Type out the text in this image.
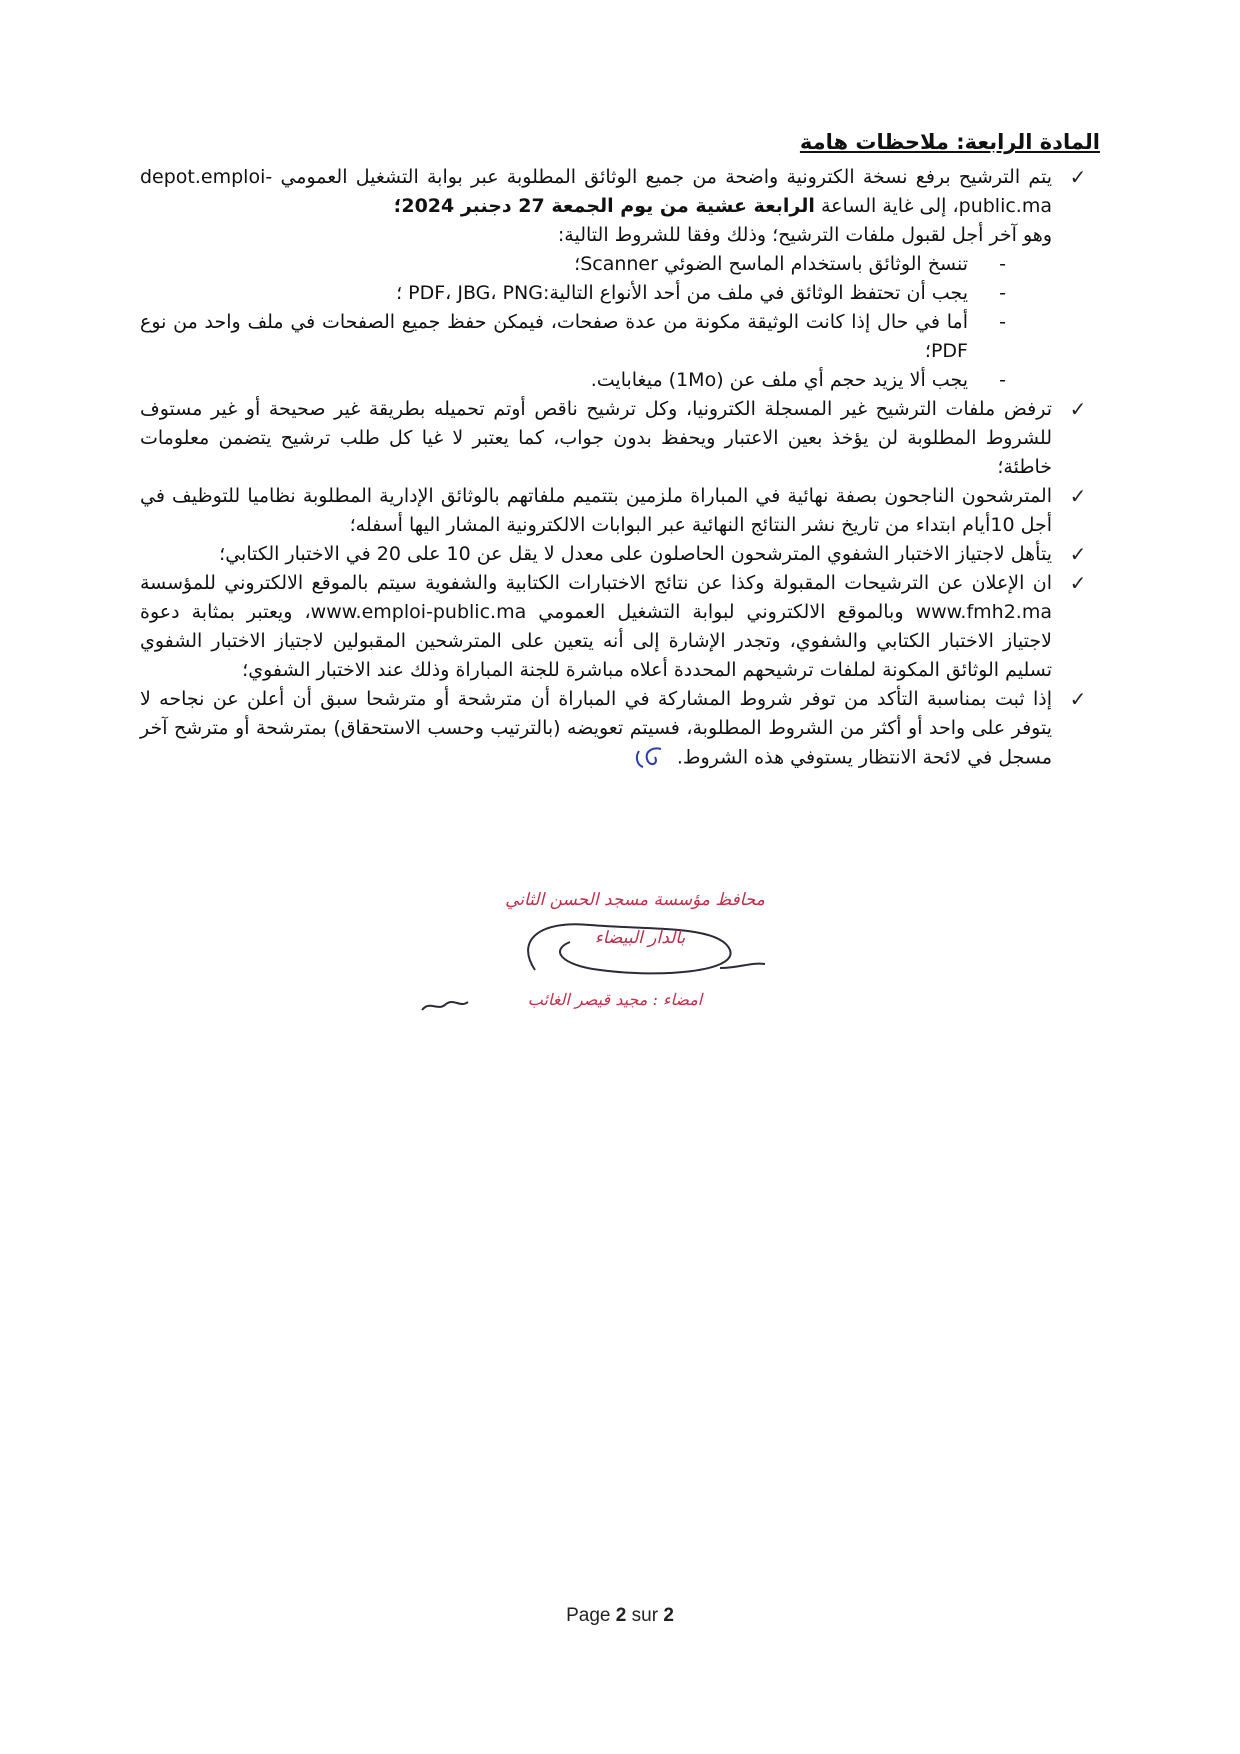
المادة الرابعة: ملاحظات هامة
✓
يتم الترشيح برفع نسخة الكترونية واضحة من جميع الوثائق المطلوبة عبر بوابة التشغيل العمومي depot.emploi-public.ma، إلى غاية الساعة الرابعة عشية من يوم الجمعة 27 دجنبر 2024؛
وهو آخر أجل لقبول ملفات الترشيح؛ وذلك وفقا للشروط التالية:
-
تنسخ الوثائق باستخدام الماسح الضوئي Scanner؛
-
يجب أن تحتفظ الوثائق في ملف من أحد الأنواع التالية:PDF، JBG، PNG ؛
-
أما في حال إذا كانت الوثيقة مكونة من عدة صفحات، فيمكن حفظ جميع الصفحات في ملف واحد من نوع PDF؛
-
يجب ألا يزيد حجم أي ملف عن (1Mo) ميغابايت.
✓
ترفض ملفات الترشيح غير المسجلة الكترونيا، وكل ترشيح ناقص أوتم تحميله بطريقة غير صحيحة أو غير مستوف للشروط المطلوبة لن يؤخذ بعين الاعتبار ويحفظ بدون جواب، كما يعتبر لا غيا كل طلب ترشيح يتضمن معلومات خاطئة؛
✓
المترشحون الناجحون بصفة نهائية في المباراة ملزمين بتتميم ملفاتهم بالوثائق الإدارية المطلوبة نظاميا للتوظيف في أجل 10أيام ابتداء من تاريخ نشر النتائج النهائية عبر البوابات الالكترونية المشار اليها أسفله؛
✓
يتأهل لاجتياز الاختبار الشفوي المترشحون الحاصلون على معدل لا يقل عن 10 على 20 في الاختبار الكتابي؛
✓
ان الإعلان عن الترشيحات المقبولة وكذا عن نتائج الاختبارات الكتابية والشفوية سيتم بالموقع الالكتروني للمؤسسة www.fmh2.ma وبالموقع الالكتروني لبوابة التشغيل العمومي www.emploi-public.ma، ويعتبر بمثابة دعوة لاجتياز الاختبار الكتابي والشفوي، وتجدر الإشارة إلى أنه يتعين على المترشحين المقبولين لاجتياز الاختبار الشفوي تسليم الوثائق المكونة لملفات ترشيحهم المحددة أعلاه مباشرة للجنة المباراة وذلك عند الاختبار الشفوي؛
✓
إذا ثبت بمناسبة التأكد من توفر شروط المشاركة في المباراة أن مترشحة أو مترشحا سبق أن أعلن عن نجاحه لا يتوفر على واحد أو أكثر من الشروط المطلوبة، فسيتم تعويضه (بالترتيب وحسب الاستحقاق) بمترشحة أو مترشح آخر مسجل في لائحة الانتظار يستوفي هذه الشروط.
محافظ مؤسسة مسجد الحسن الثاني
بالدار البيضاء
امضاء : مجيد قيصر الغائب
Page 2 sur 2
